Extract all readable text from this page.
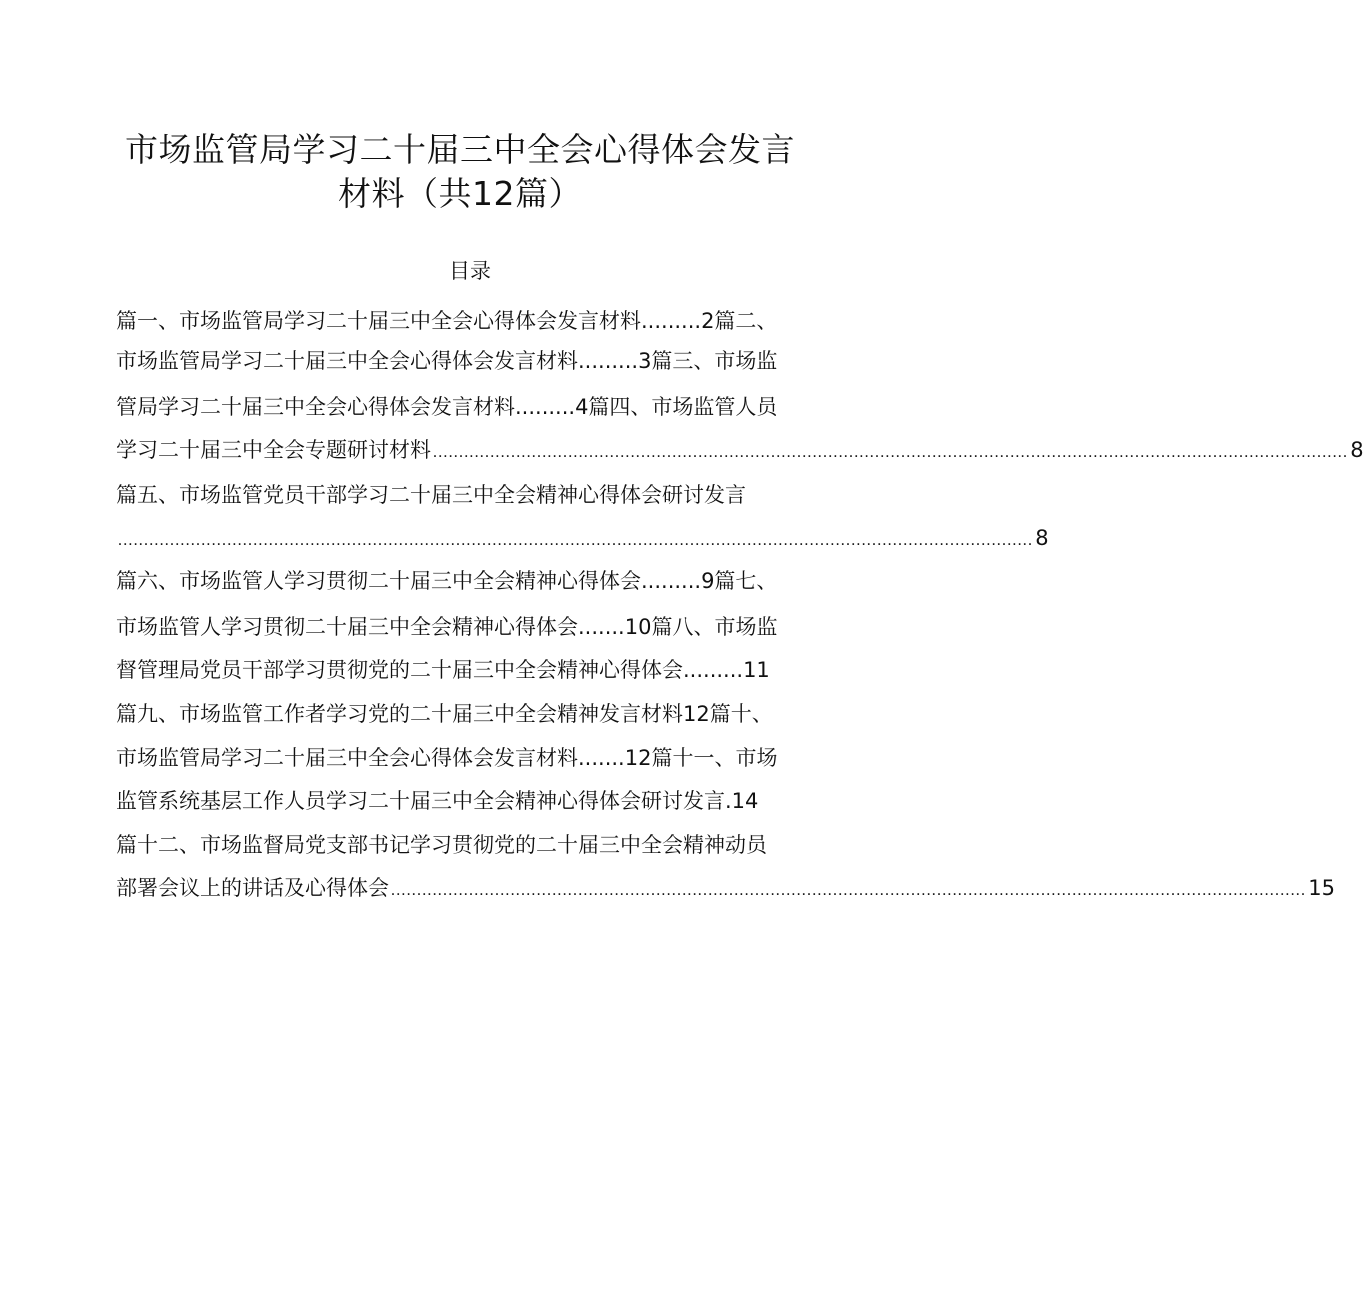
市场监管局学习二十届三中全会心得体会发言
材料（共12篇）
目录
篇一、市场监管局学习二十届三中全会心得体会发言材料.........2篇二、
市场监管局学习二十届三中全会心得体会发言材料.........3篇三、市场监
管局学习二十届三中全会心得体会发言材料.........4篇四、市场监管人员
学习二十届三中全会专题研讨材料 ................................................................................................................................................................................ 8
篇五、市场监管党员干部学习二十届三中全会精神心得体会研讨发言
................................................................................................................................................................................ 8
篇六、市场监管人学习贯彻二十届三中全会精神心得体会.........9篇七、
市场监管人学习贯彻二十届三中全会精神心得体会.......10篇八、市场监
督管理局党员干部学习贯彻党的二十届三中全会精神心得体会.........11
篇九、市场监管工作者学习党的二十届三中全会精神发言材料12篇十、
市场监管局学习二十届三中全会心得体会发言材料.......12篇十一、市场
监管系统基层工作人员学习二十届三中全会精神心得体会研讨发言.14
篇十二、市场监督局党支部书记学习贯彻党的二十届三中全会精神动员
部署会议上的讲话及心得体会 ................................................................................................................................................................................ 15
